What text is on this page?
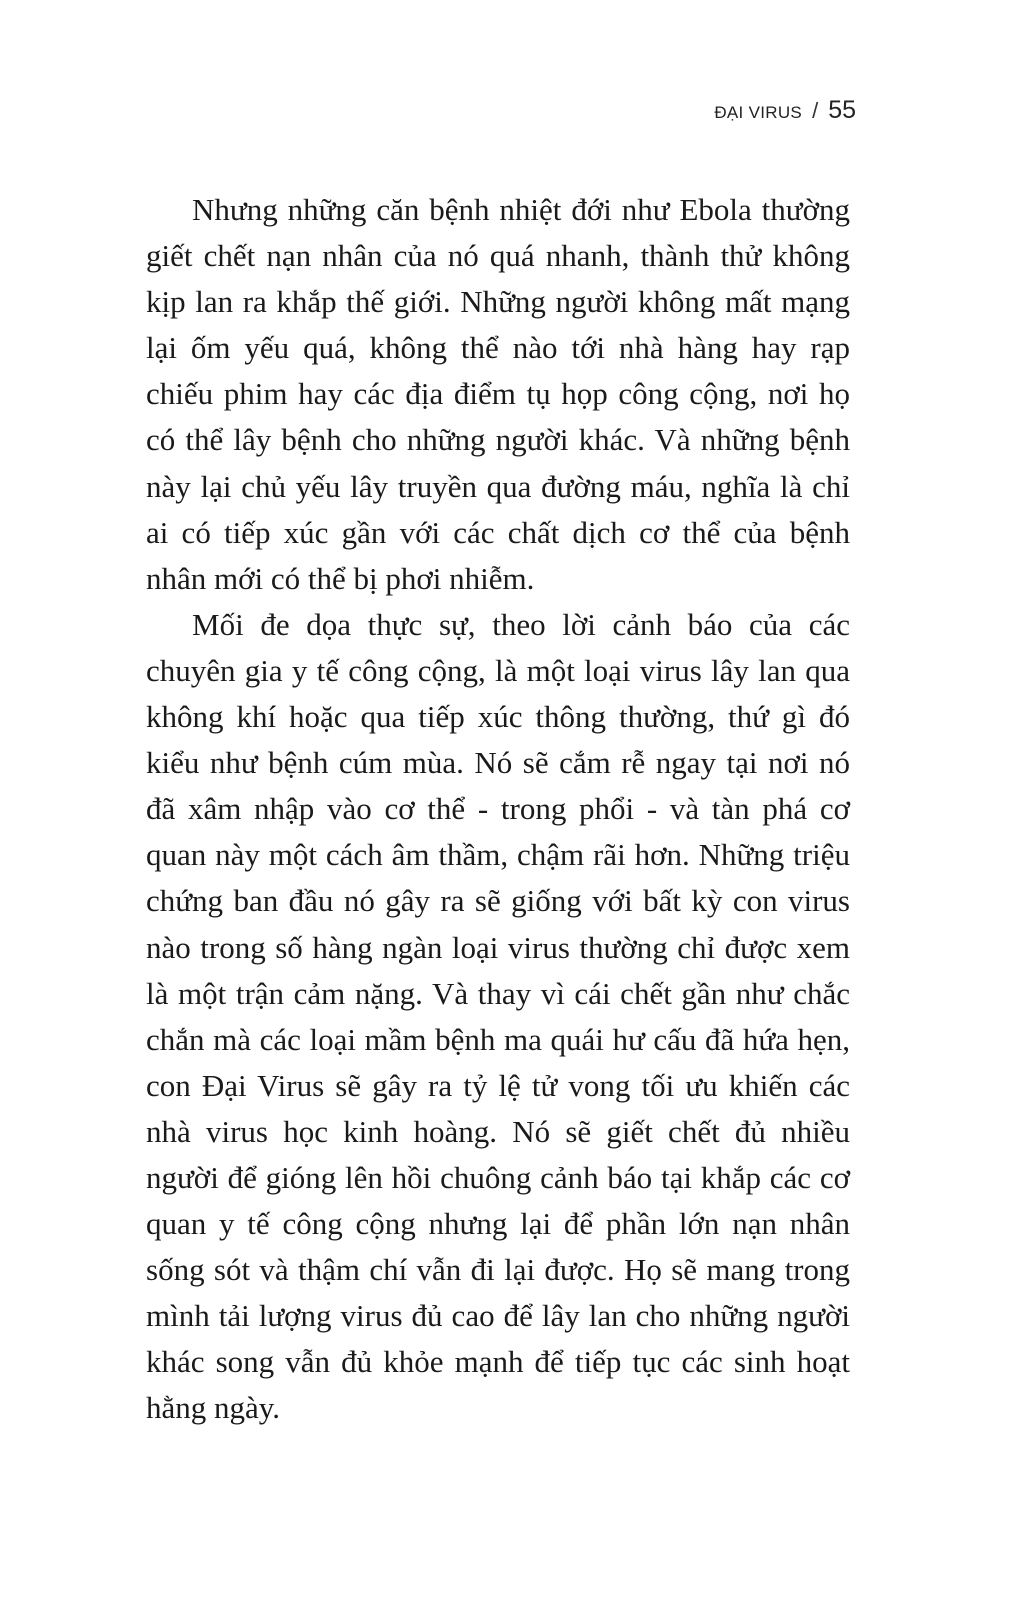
ĐẠI VIRUS / 55

Nhưng những căn bệnh nhiệt đới như Ebola thường giết chết nạn nhân của nó quá nhanh, thành thử không kịp lan ra khắp thế giới. Những người không mất mạng lại ốm yếu quá, không thể nào tới nhà hàng hay rạp chiếu phim hay các địa điểm tụ họp công cộng, nơi họ có thể lây bệnh cho những người khác. Và những bệnh này lại chủ yếu lây truyền qua đường máu, nghĩa là chỉ ai có tiếp xúc gần với các chất dịch cơ thể của bệnh nhân mới có thể bị phơi nhiễm.

Mối đe dọa thực sự, theo lời cảnh báo của các chuyên gia y tế công cộng, là một loại virus lây lan qua không khí hoặc qua tiếp xúc thông thường, thứ gì đó kiểu như bệnh cúm mùa. Nó sẽ cắm rễ ngay tại nơi nó đã xâm nhập vào cơ thể - trong phổi - và tàn phá cơ quan này một cách âm thầm, chậm rãi hơn. Những triệu chứng ban đầu nó gây ra sẽ giống với bất kỳ con virus nào trong số hàng ngàn loại virus thường chỉ được xem là một trận cảm nặng. Và thay vì cái chết gần như chắc chắn mà các loại mầm bệnh ma quái hư cấu đã hứa hẹn, con Đại Virus sẽ gây ra tỷ lệ tử vong tối ưu khiến các nhà virus học kinh hoàng. Nó sẽ giết chết đủ nhiều người để gióng lên hồi chuông cảnh báo tại khắp các cơ quan y tế công cộng nhưng lại để phần lớn nạn nhân sống sót và thậm chí vẫn đi lại được. Họ sẽ mang trong mình tải lượng virus đủ cao để lây lan cho những người khác song vẫn đủ khỏe mạnh để tiếp tục các sinh hoạt hằng ngày.
